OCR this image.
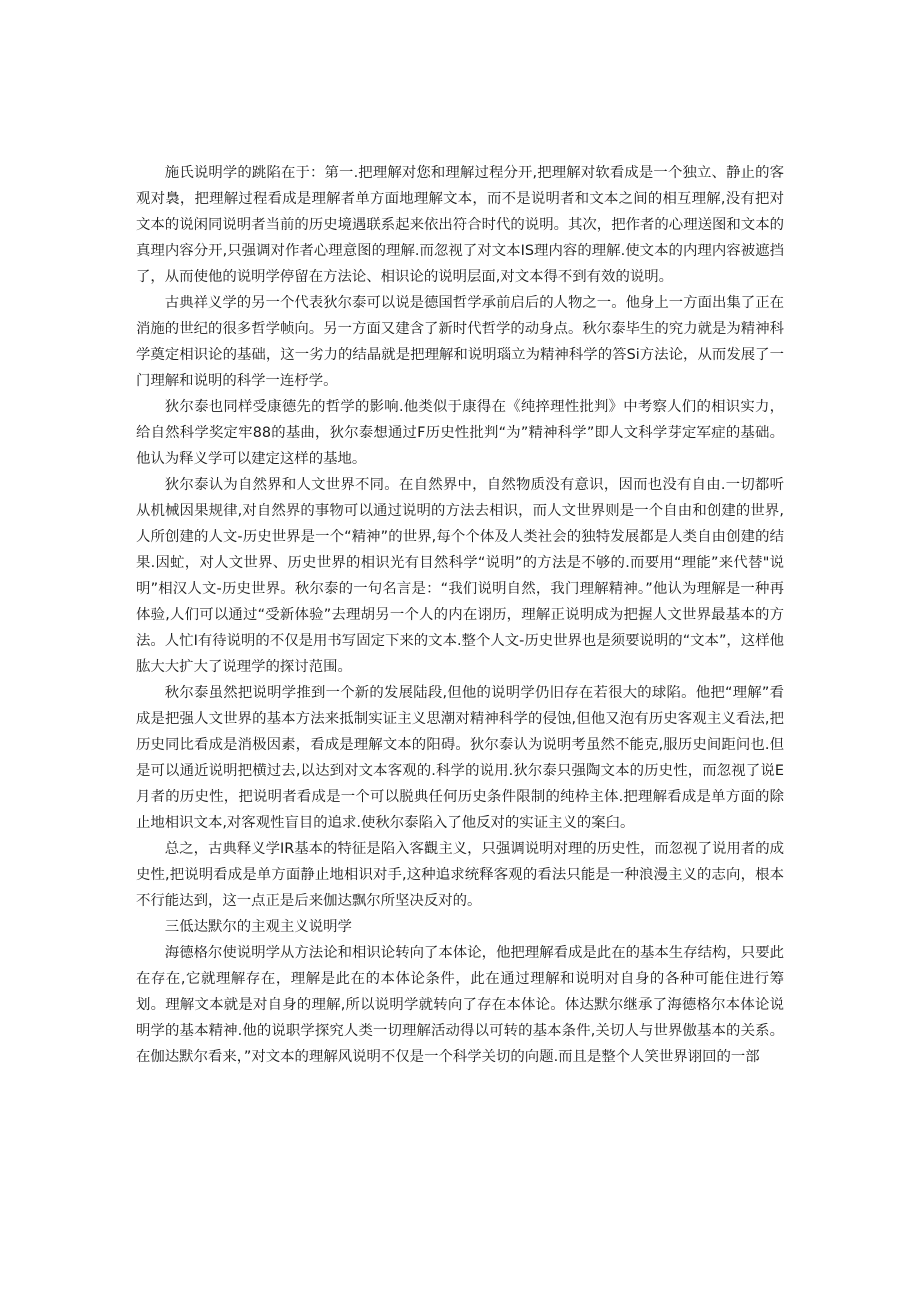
施氏说明学的跳陷在于：第一.把理解对您和理解过程分开,把理解对软看成是一个独立、静止的客观对裊，把理解过程看成是理解者单方面地理解文本，而不是说明者和文本之间的相互理解,没有把对文本的说闲同说明者当前的历史境遇联系起来依出符合时代的说明。其次，把作者的心理送图和文本的真理内容分开,只强调对作者心理意图的理解.而忽视了对文本IS理内容的理解.使文本的内理内容被遮挡了，从而使他的说明学停留在方法论、相识论的说明层面,对文本得不到有效的说明。

古典祥义学的另一个代表狄尔泰可以说是德国哲学承前启后的人物之一。他身上一方面出集了正在消施的世纪的很多哲学帧向。另一方面又建含了新时代哲学的动身点。秋尔泰毕生的究力就是为精神科学奠定相识论的基础，这一劣力的结晶就是把理解和说明瑙立为精神科学的答Si方法论，从而发展了一门理解和说明的科学一连杼学。

狄尔泰也同样受康德先的哲学的影响.他类似于康得在《纯捽理性批判》中考察人们的相识实力，给自然科学奖定牢88的基曲，狄尔泰想通过F历史性批判“为”精神科学”即人文科学芽定军症的基础。他认为释义学可以建定这样的基地。

狄尔泰认为自然界和人文世界不同。在自然界中，自然物质没有意识，因而也没有自由.一切都听从机械因果规律,对自然界的事物可以通过说明的方法去相识，而人文世界则是一个自由和创建的世界,人所创建的人文-历史世界是一个“精神”的世界,每个个体及人类社会的独特发展都是人类自由创建的结果.因虻，对人文世界、历史世界的相识光有目然科学“说明”的方法是不够的.而要用“理能”来代替"说明”相汉人文-历史世界。秋尔泰的一句名言是：“我们说明自然，我门理解精神。”他认为理解是一种再体验,人们可以通过“受新体验”去理胡另一个人的内在诩历，理解正说明成为把握人文世界最基本的方法。人忙I有待说明的不仅是用书写固定下来的文本.整个人文-历史世界也是须要说明的“文本”，这样他肱大大扩大了说理学的探讨范围。

秋尔泰虽然把说明学推到一个新的发展陆段,但他的说明学仍旧存在若很大的球陷。他把“理解”看成是把强人文世界的基本方法来抵制实证主义思潮对精神科学的侵蚀,但他又泡有历史客观主义看法,把历史同比看成是消极因素，看成是理解文本的阳碍。狄尔泰认为说明考虽然不能克,服历史间距问也.但是可以通近说明把横过去,以达到对文本客观的.科学的说用.狄尔泰只强陶文本的历史性，而忽视了说E月者的历史性，把说明者看成是一个可以脱典任何历史条件限制的纯枠主体.把理解看成是单方面的除止地相识文本,对客观性盲目的追求.使秋尔泰陷入了他反对的实证主义的案臼。

总之，古典释义学IR基本的特征是陷入客觀主义，只强调说明对理的历史性，而忽视了说用者的成史性,把说明看成是单方面静止地相识对手,这种追求统释客观的看法只能是一种浪漫主义的志向，根本不行能达到，这一点正是后来伽达飘尔所坚决反对的。

三低达默尔的主观主义说明学

海德格尔使说明学从方法论和相识论转向了本体论，他把理解看成是此在的基本生存结构，只要此在存在,它就理解存在，理解是此在的本体论条件，此在通过理解和说明对自身的各种可能住进行筹划。理解文本就是对自身的理解,所以说明学就转向了存在本体论。体达默尔继承了海德格尔本体论说明学的基本精神.他的说职学探究人类一切理解活动得以可转的基本条件,关切人与世界傲基本的关系。在伽达默尔看来，”对文本的理解风说明不仅是一个科学关切的向题.而且是整个人笑世界诩回的一部
